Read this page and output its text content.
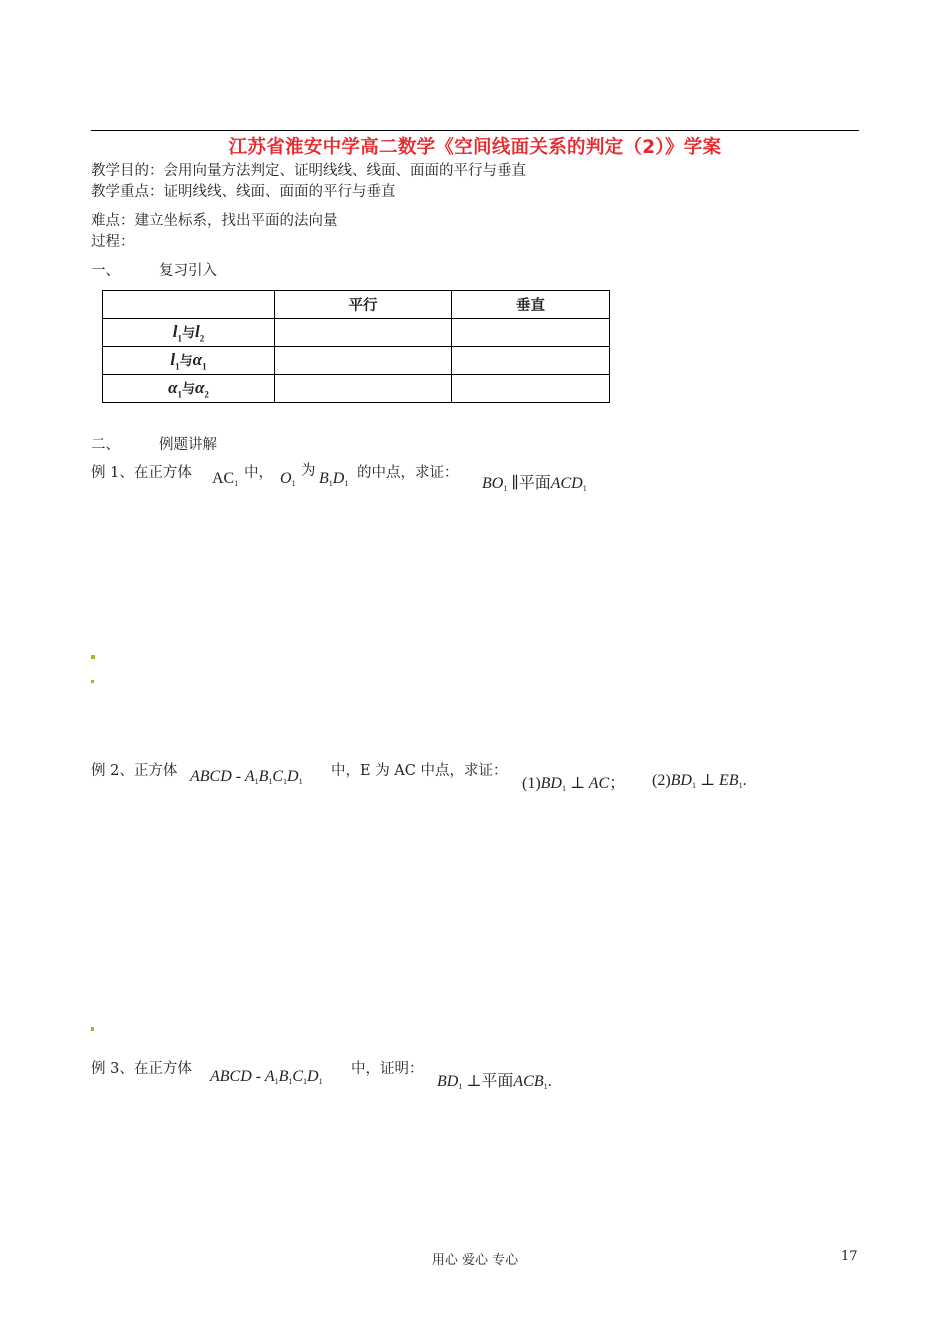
江苏省淮安中学高二数学《空间线面关系的判定（2）》学案
教学目的：会用向量方法判定、证明线线、线面、面面的平行与垂直
教学重点：证明线线、线面、面面的平行与垂直
难点：建立坐标系，找出平面的法向量
过程：
一、	复习引入
	平行	垂直
$l_1$与$l_2$		
$l_1$与$\alpha_1$		
$\alpha_1$与$\alpha_2$		
二、	例题讲解
例 1、在正方体 $AC_1$
中， $O_1$
为 $B_1D_1$
的中点，求证：
$BO_1$ ∥平面$ACD_1$
例 2、正方体 ABCD - $A_1B_1C_1D_1$
中，E 为 AC 中点，求证：
$(1)BD_1$ ⊥ AC； $(2)BD_1$ ⊥ $EB_1$.
例 3、在正方体 ABCD - $A_1B_1C_1D_1$
中，证明：
$BD_1$ ⊥平面$ACB_1$.
用心 爱心 专心	17
